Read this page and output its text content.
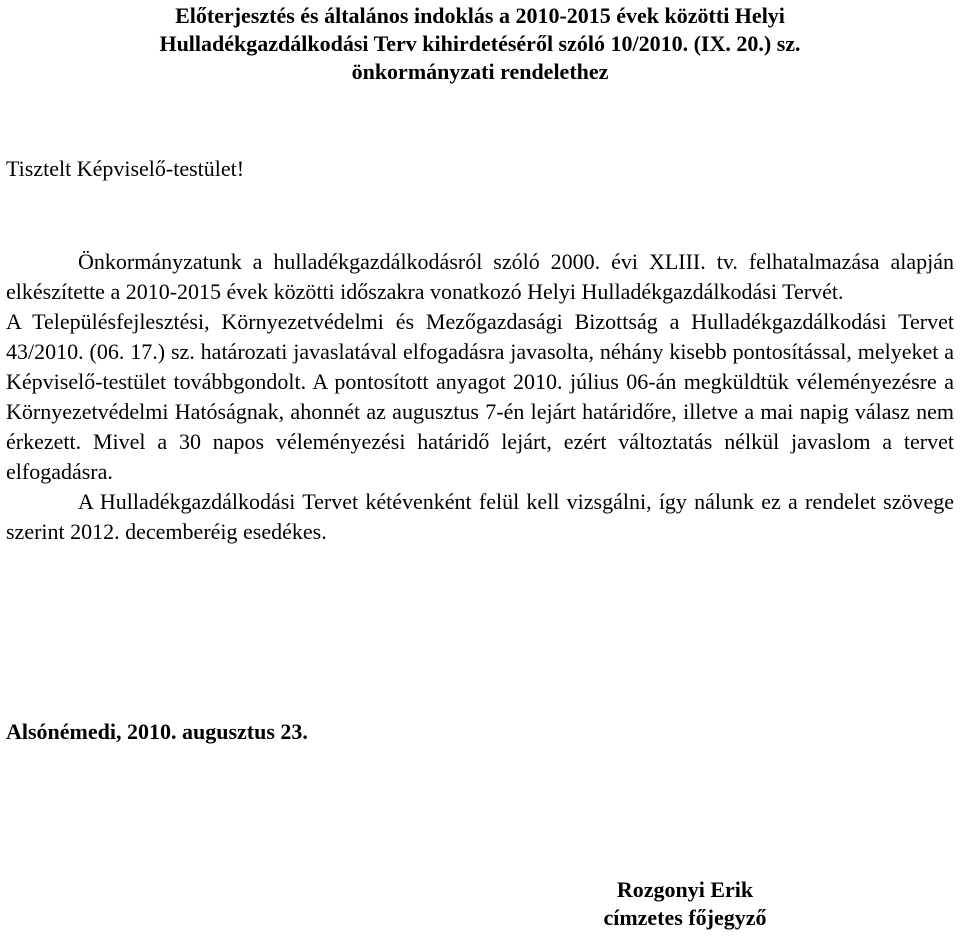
Előterjesztés és általános indoklás a 2010-2015 évek közötti Helyi
Hulladékgazdálkodási Terv kihirdetéséről szóló 10/2010. (IX. 20.) sz.
önkormányzati rendelethez

Tisztelt Képviselő-testület!

Önkormányzatunk a hulladékgazdálkodásról szóló 2000. évi XLIII. tv. felhatalmazása alapján elkészítette a 2010-2015 évek közötti időszakra vonatkozó Helyi Hulladékgazdálkodási Tervét.

A Településfejlesztési, Környezetvédelmi és Mezőgazdasági Bizottság a Hulladékgazdálkodási Tervet 43/2010. (06. 17.) sz. határozati javaslatával elfogadásra javasolta, néhány kisebb pontosítással, melyeket a Képviselő-testület továbbgondolt. A pontosított anyagot 2010. július 06-án megküldtük véleményezésre a Környezetvédelmi Hatóságnak, ahonnét az augusztus 7-én lejárt határidőre, illetve a mai napig válasz nem érkezett. Mivel a 30 napos véleményezési határidő lejárt, ezért változtatás nélkül javaslom a tervet elfogadásra.

A Hulladékgazdálkodási Tervet kétévenként felül kell vizsgálni, így nálunk ez a rendelet szövege szerint 2012. decemberéig esedékes.

Alsónémedi, 2010. augusztus 23.

Rozgonyi Erik
címzetes főjegyző
